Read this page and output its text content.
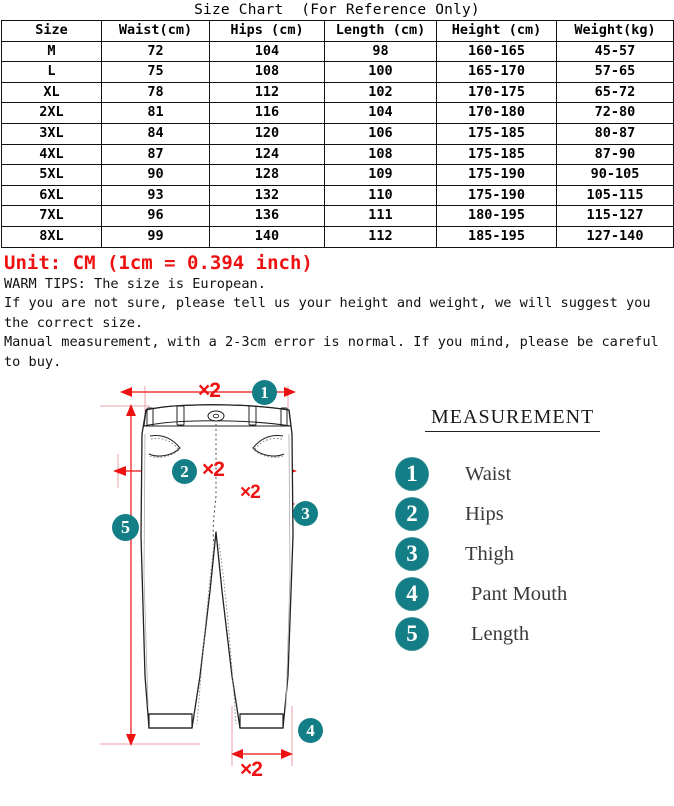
Size Chart  (For Reference Only)
Size	Waist(cm)	Hips (cm)	Length (cm)	Height (cm)	Weight(kg)
M	72	104	98	160-165	45-57
L	75	108	100	165-170	57-65
XL	78	112	102	170-175	65-72
2XL	81	116	104	170-180	72-80
3XL	84	120	106	175-185	80-87
4XL	87	124	108	175-185	87-90
5XL	90	128	109	175-190	90-105
6XL	93	132	110	175-190	105-115
7XL	96	136	111	180-195	115-127
8XL	99	140	112	185-195	127-140
Unit: CM (1cm = 0.394 inch)
WARM TIPS: The size is European.
If you are not sure, please tell us your height and weight, we will suggest you the correct size.
Manual measurement, with a 2-3cm error is normal. If you mind, please be careful to buy.
1
2
3
4
5
×2
×2
×2
×2
MEASUREMENT
1	Waist
2	Hips
3	Thigh
4	Pant Mouth
5	Length
